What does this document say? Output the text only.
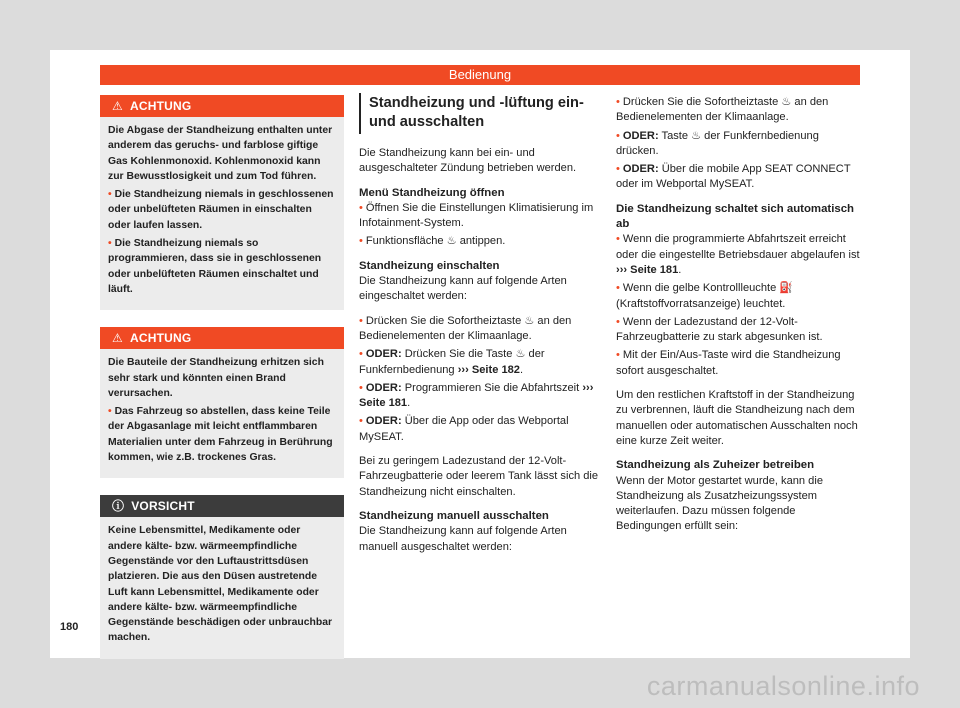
Bedienung
⚠ ACHTUNG

Die Abgase der Standheizung enthalten unter anderem das geruchs- und farblose giftige Gas Kohlenmonoxid. Kohlenmonoxid kann zur Bewusstlosigkeit und zum Tod führen.

• Die Standheizung niemals in geschlossenen oder unbelüfteten Räumen in einschalten oder laufen lassen.

• Die Standheizung niemals so programmieren, dass sie in geschlossenen oder unbelüfteten Räumen einschaltet und läuft.

⚠ ACHTUNG

Die Bauteile der Standheizung erhitzen sich sehr stark und könnten einen Brand verursachen.

• Das Fahrzeug so abstellen, dass keine Teile der Abgasanlage mit leicht entflammbaren Materialien unter dem Fahrzeug in Berührung kommen, wie z.B. trockenes Gras.

ⓘ VORSICHT

Keine Lebensmittel, Medikamente oder andere kälte- bzw. wärmeempfindliche Gegenstände vor den Luftaustrittsdüsen platzieren. Die aus den Düsen austretende Luft kann Lebensmittel, Medikamente oder andere kälte- bzw. wärmeempfindliche Gegenstände beschädigen oder unbrauchbar machen.

Standheizung und -lüftung ein- und ausschalten

Die Standheizung kann bei ein- und ausgeschalteter Zündung betrieben werden.

Menü Standheizung öffnen

• Öffnen Sie die Einstellungen Klimatisierung im Infotainment-System.

• Funktionsfläche ♨ antippen.

Standheizung einschalten

Die Standheizung kann auf folgende Arten eingeschaltet werden:

• Drücken Sie die Sofortheiztaste ♨ an den Bedienelementen der Klimaanlage.

• ODER: Drücken Sie die Taste ♨ der Funkfernbedienung ››› Seite 182.

• ODER: Programmieren Sie die Abfahrtszeit ››› Seite 181.

• ODER: Über die App oder das Webportal MySEAT.

Bei zu geringem Ladezustand der 12-Volt-Fahrzeugbatterie oder leerem Tank lässt sich die Standheizung nicht einschalten.

Standheizung manuell ausschalten

Die Standheizung kann auf folgende Arten manuell ausgeschaltet werden:

• Drücken Sie die Sofortheiztaste ♨ an den Bedienelementen der Klimaanlage.

• ODER: Taste ♨ der Funkfernbedienung drücken.

• ODER: Über die mobile App SEAT CONNECT oder im Webportal MySEAT.

Die Standheizung schaltet sich automatisch ab

• Wenn die programmierte Abfahrtszeit erreicht oder die eingestellte Betriebsdauer abgelaufen ist ››› Seite 181.

• Wenn die gelbe Kontrollleuchte ⛽ (Kraftstoffvorratsanzeige) leuchtet.

• Wenn der Ladezustand der 12-Volt-Fahrzeugbatterie zu stark abgesunken ist.

• Mit der Ein/Aus-Taste wird die Standheizung sofort ausgeschaltet.

Um den restlichen Kraftstoff in der Standheizung zu verbrennen, läuft die Standheizung nach dem manuellen oder automatischen Ausschalten noch eine kurze Zeit weiter.

Standheizung als Zuheizer betreiben

Wenn der Motor gestartet wurde, kann die Standheizung als Zusatzheizungssystem weiterlaufen. Dazu müssen folgende Bedingungen erfüllt sein:

180
carmanualsonline.info
